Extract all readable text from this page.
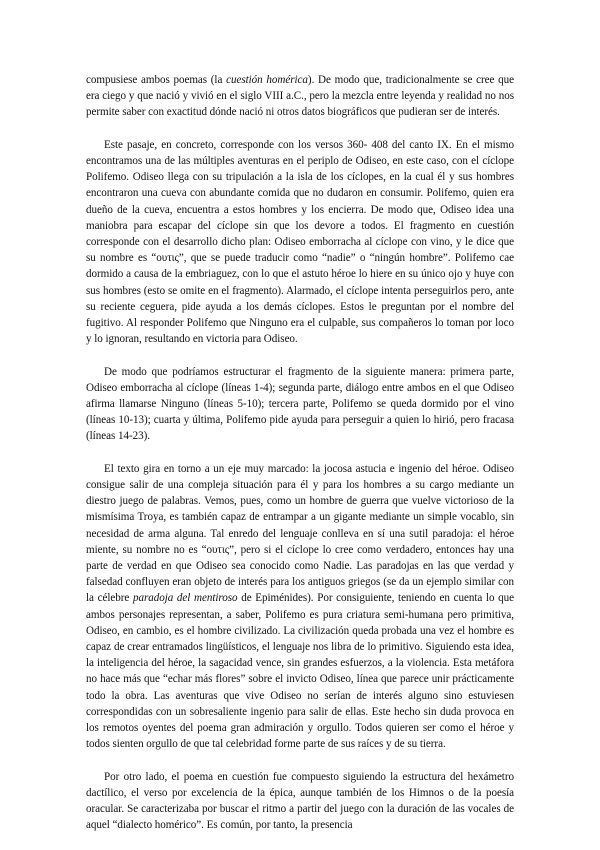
compusiese ambos poemas (la cuestión homérica). De modo que, tradicionalmente se cree que era ciego y que nació y vivió en el siglo VIII a.C., pero la mezcla entre leyenda y realidad no nos permite saber con exactitud dónde nació ni otros datos biográficos que pudieran ser de interés.

Este pasaje, en concreto, corresponde con los versos 360- 408 del canto IX. En el mismo encontramos una de las múltiples aventuras en el periplo de Odiseo, en este caso, con el cíclope Polifemo. Odiseo llega con su tripulación a la isla de los cíclopes, en la cual él y sus hombres encontraron una cueva con abundante comida que no dudaron en consumir. Polifemo, quien era dueño de la cueva, encuentra a estos hombres y los encierra. De modo que, Odiseo idea una maniobra para escapar del cíclope sin que los devore a todos. El fragmento en cuestión corresponde con el desarrollo dicho plan: Odiseo emborracha al cíclope con vino, y le dice que su nombre es “ουτις”, que se puede traducir como “nadie” o “ningún hombre”. Polifemo cae dormido a causa de la embriaguez, con lo que el astuto héroe lo hiere en su único ojo y huye con sus hombres (esto se omite en el fragmento). Alarmado, el cíclope intenta perseguirlos pero, ante su reciente ceguera, pide ayuda a los demás cíclopes. Estos le preguntan por el nombre del fugitivo. Al responder Polifemo que Ninguno era el culpable, sus compañeros lo toman por loco y lo ignoran, resultando en victoria para Odiseo.

De modo que podríamos estructurar el fragmento de la siguiente manera: primera parte, Odiseo emborracha al cíclope (líneas 1-4); segunda parte, diálogo entre ambos en el que Odiseo afirma llamarse Ninguno (líneas 5-10); tercera parte, Polifemo se queda dormido por el vino (líneas 10-13); cuarta y última, Polifemo pide ayuda para perseguir a quien lo hirió, pero fracasa (líneas 14-23).

El texto gira en torno a un eje muy marcado: la jocosa astucia e ingenio del héroe. Odiseo consigue salir de una compleja situación para él y para los hombres a su cargo mediante un diestro juego de palabras. Vemos, pues, como un hombre de guerra que vuelve victorioso de la mismísima Troya, es también capaz de entrampar a un gigante mediante un simple vocablo, sin necesidad de arma alguna. Tal enredo del lenguaje conlleva en sí una sutil paradoja: el héroe miente, su nombre no es “ουτις”, pero si el cíclope lo cree como verdadero, entonces hay una parte de verdad en que Odiseo sea conocido como Nadie. Las paradojas en las que verdad y falsedad confluyen eran objeto de interés para los antiguos griegos (se da un ejemplo similar con la célebre paradoja del mentiroso de Epiménides). Por consiguiente, teniendo en cuenta lo que ambos personajes representan, a saber, Polifemo es pura criatura semi-humana pero primitiva, Odiseo, en cambio, es el hombre civilizado. La civilización queda probada una vez el hombre es capaz de crear entramados lingüísticos, el lenguaje nos libra de lo primitivo. Siguiendo esta idea, la inteligencia del héroe, la sagacidad vence, sin grandes esfuerzos, a la violencia. Esta metáfora no hace más que “echar más flores” sobre el invicto Odiseo, línea que parece unir prácticamente todo la obra. Las aventuras que vive Odiseo no serían de interés alguno sino estuviesen correspondidas con un sobresaliente ingenio para salir de ellas. Este hecho sin duda provoca en los remotos oyentes del poema gran admiración y orgullo. Todos quieren ser como el héroe y todos sienten orgullo de que tal celebridad forme parte de sus raíces y de su tierra.

Por otro lado, el poema en cuestión fue compuesto siguiendo la estructura del hexámetro dactílico, el verso por excelencia de la épica, aunque también de los Himnos o de la poesía oracular. Se caracterizaba por buscar el ritmo a partir del juego con la duración de las vocales de aquel “dialecto homérico”. Es común, por tanto, la presencia
